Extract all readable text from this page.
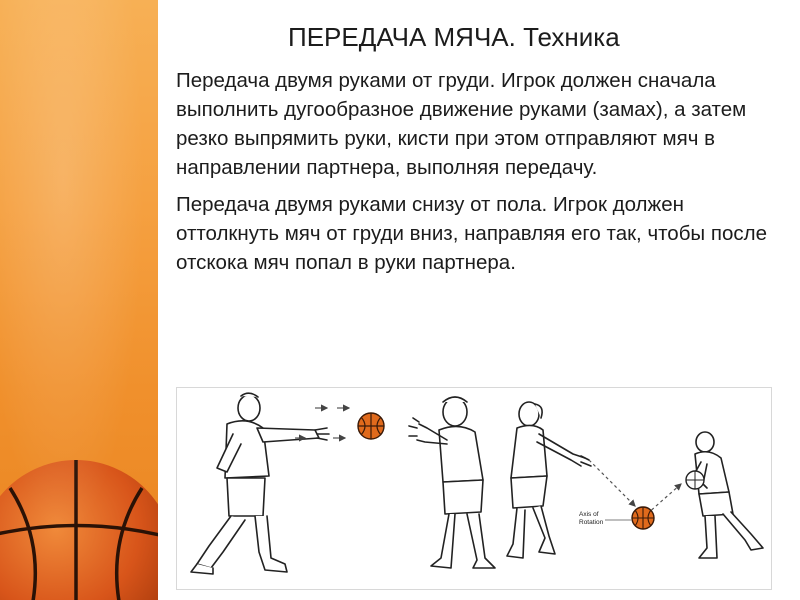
ПЕРЕДАЧА МЯЧА. Техника

Передача двумя руками от груди. Игрок должен сначала выполнить дугообразное движение руками (замах), а затем резко выпрямить руки, кисти при этом отправляют мяч в направлении партнера, выполняя передачу.

Передача двумя руками снизу от пола. Игрок должен оттолкнуть мяч от груди вниз, направляя его так, чтобы после отскока мяч попал в руки партнера.

Axis of
Rotation
